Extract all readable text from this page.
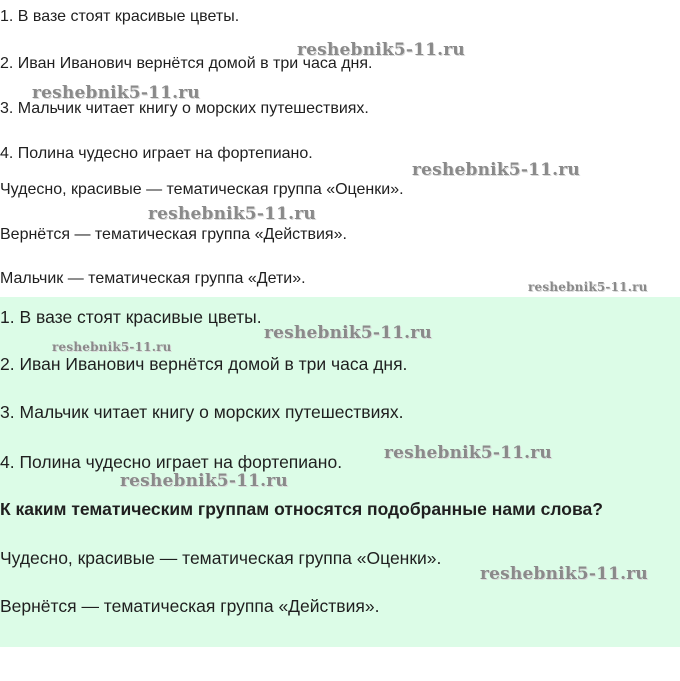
1. В вазе стоят красивые цветы.

2. Иван Иванович вернётся домой в три часа дня.

3. Мальчик читает книгу о морских путешествиях.

4. Полина чудесно играет на фортепиано.

Чудесно, красивые — тематическая группа «Оценки».

Вернётся — тематическая группа «Действия».

Мальчик — тематическая группа «Дети».

1. В вазе стоят красивые цветы.

2. Иван Иванович вернётся домой в три часа дня.

3. Мальчик читает книгу о морских путешествиях.

4. Полина чудесно играет на фортепиано.

К каким тематическим группам относятся подобранные нами слова?

Чудесно, красивые — тематическая группа «Оценки».

Вернётся — тематическая группа «Действия».

reshebnik5-11.ru
reshebnik5-11.ru
reshebnik5-11.ru
reshebnik5-11.ru
reshebnik5-11.ru
reshebnik5-11.ru
reshebnik5-11.ru
reshebnik5-11.ru
reshebnik5-11.ru
reshebnik5-11.ru
